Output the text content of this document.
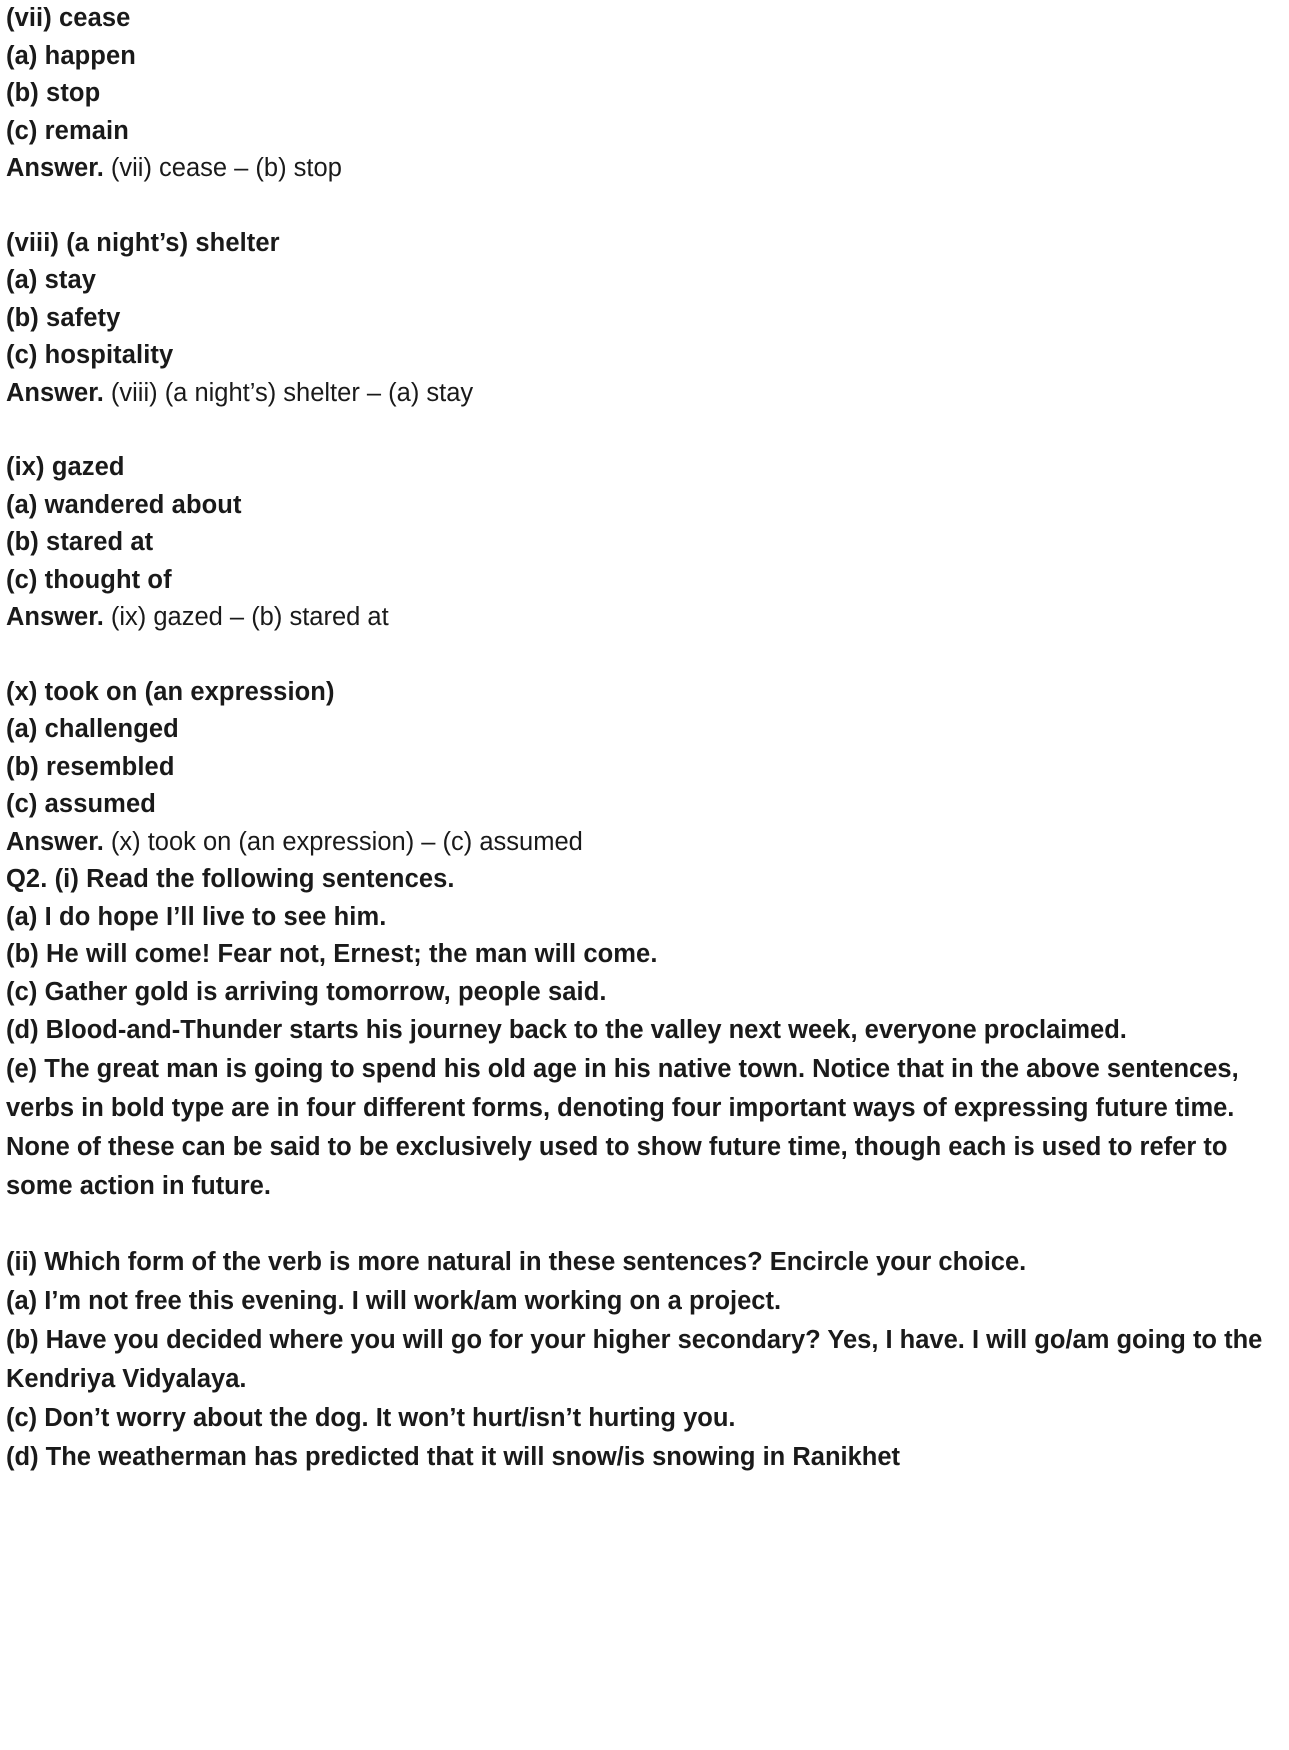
(vii) cease
(a) happen
(b) stop
(c) remain
Answer. (vii) cease – (b) stop
(viii) (a night’s) shelter
(a) stay
(b) safety
(c) hospitality
Answer. (viii) (a night’s) shelter – (a) stay
(ix) gazed
(a) wandered about
(b) stared at
(c) thought of
Answer. (ix) gazed – (b) stared at
(x) took on (an expression)
(a) challenged
(b) resembled
(c) assumed
Answer. (x) took on (an expression) – (c) assumed
Q2. (i) Read the following sentences.
(a) I do hope I’ll live to see him.
(b) He will come! Fear not, Ernest; the man will come.
(c) Gather gold is arriving tomorrow, people said.
(d) Blood-and-Thunder starts his journey back to the valley next week, everyone proclaimed.
(e) The great man is going to spend his old age in his native town. Notice that in the above sentences, verbs in bold type are in four different forms, denoting four important ways of expressing future time. None of these can be said to be exclusively used to show future time, though each is used to refer to some action in future.
(ii) Which form of the verb is more natural in these sentences? Encircle your choice.
(a) I’m not free this evening. I will work/am working on a project.
(b) Have you decided where you will go for your higher secondary? Yes, I have. I will go/am going to the Kendriya Vidyalaya.
(c) Don’t worry about the dog. It won’t hurt/isn’t hurting you.
(d) The weatherman has predicted that it will snow/is snowing in Ranikhet
